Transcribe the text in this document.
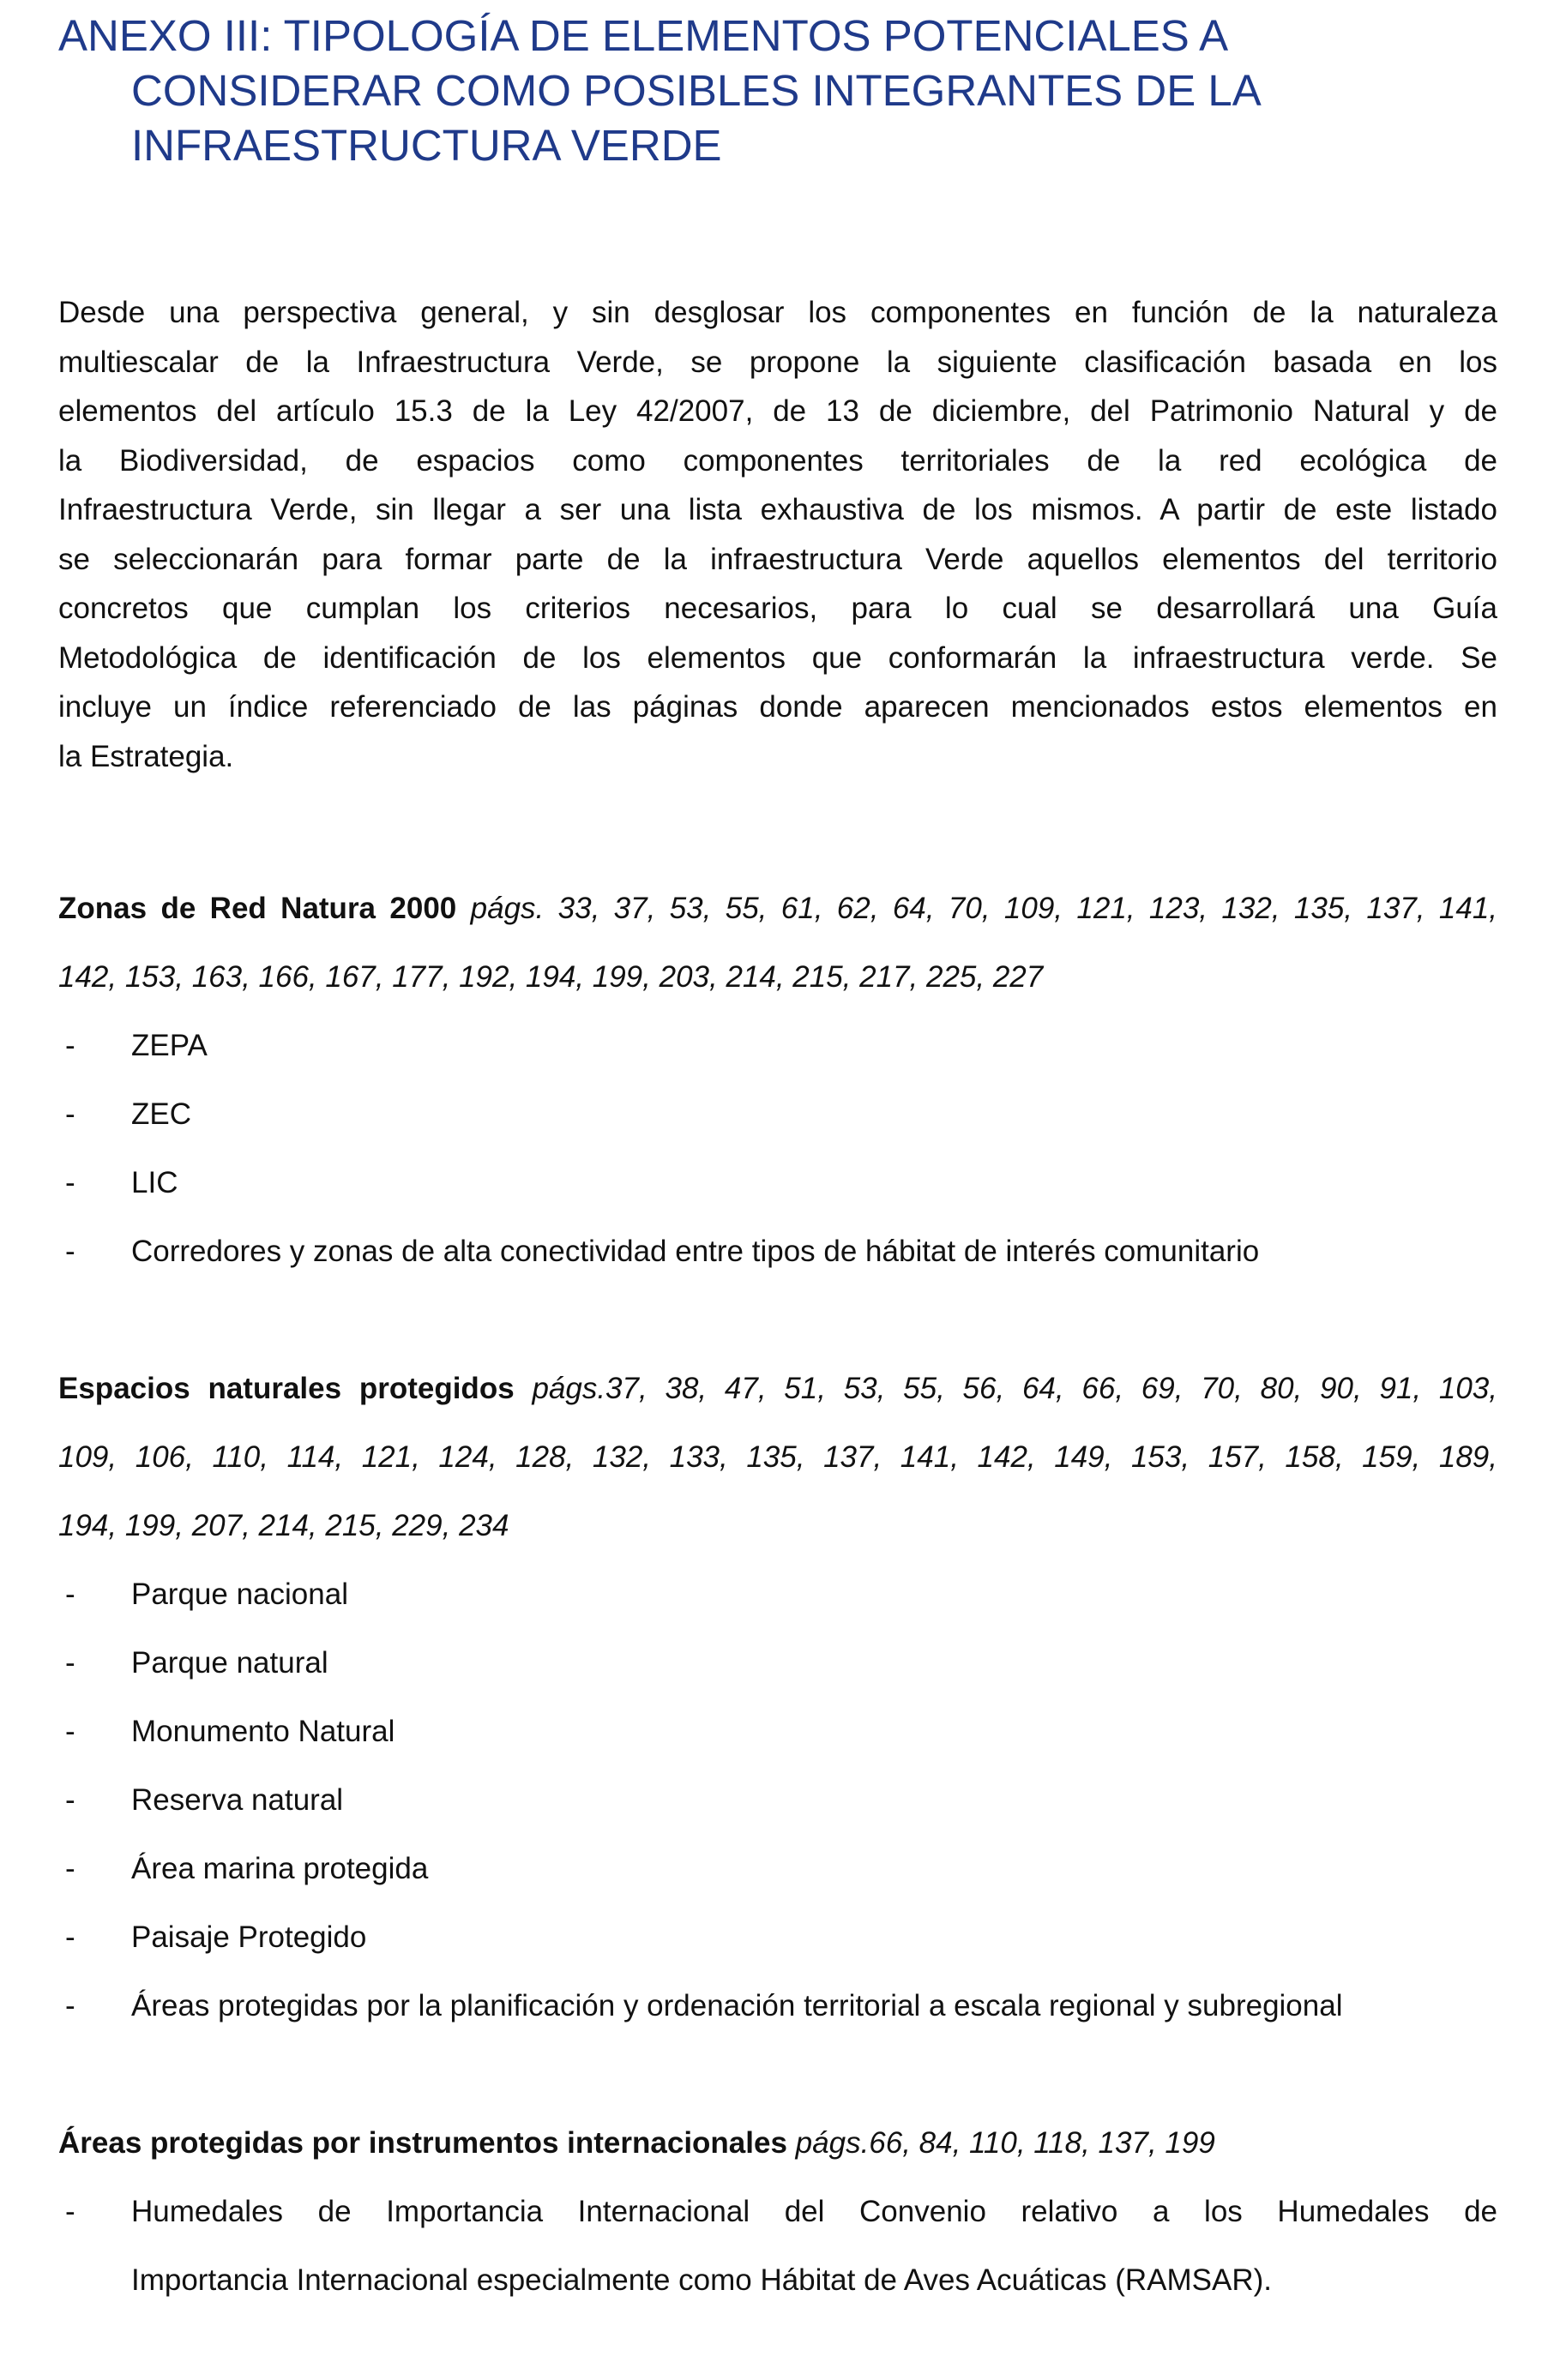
ANEXO III: TIPOLOGÍA DE ELEMENTOS POTENCIALES A
CONSIDERAR COMO POSIBLES INTEGRANTES DE LA
INFRAESTRUCTURA VERDE

Desde una perspectiva general, y sin desglosar los componentes en función de la naturaleza
multiescalar de la Infraestructura Verde, se propone la siguiente clasificación basada en los
elementos del artículo 15.3 de la Ley 42/2007, de 13 de diciembre, del Patrimonio Natural y de
la Biodiversidad, de espacios como componentes territoriales de la red ecológica de
Infraestructura Verde, sin llegar a ser una lista exhaustiva de los mismos. A partir de este listado
se seleccionarán para formar parte de la infraestructura Verde aquellos elementos del territorio
concretos que cumplan los criterios necesarios, para lo cual se desarrollará una Guía
Metodológica de identificación de los elementos que conformarán la infraestructura verde. Se
incluye un índice referenciado de las páginas donde aparecen mencionados estos elementos en
la Estrategia.

Zonas de Red Natura 2000 págs. 33, 37, 53, 55, 61, 62, 64, 70, 109, 121, 123, 132, 135, 137, 141,
142, 153, 163, 166, 167, 177, 192, 194, 199, 203, 214, 215, 217, 225, 227

- ZEPA
- ZEC
- LIC
- Corredores y zonas de alta conectividad entre tipos de hábitat de interés comunitario

Espacios naturales protegidos págs.37, 38, 47, 51, 53, 55, 56, 64, 66, 69, 70, 80, 90, 91, 103,
109, 106, 110, 114, 121, 124, 128, 132, 133, 135, 137, 141, 142, 149, 153, 157, 158, 159, 189,
194, 199, 207, 214, 215, 229, 234

- Parque nacional
- Parque natural
- Monumento Natural
- Reserva natural
- Área marina protegida
- Paisaje Protegido
- Áreas protegidas por la planificación y ordenación territorial a escala regional y subregional

Áreas protegidas por instrumentos internacionales págs.66, 84, 110, 118, 137, 199

- Humedales de Importancia Internacional del Convenio relativo a los Humedales de
Importancia Internacional especialmente como Hábitat de Aves Acuáticas (RAMSAR).
